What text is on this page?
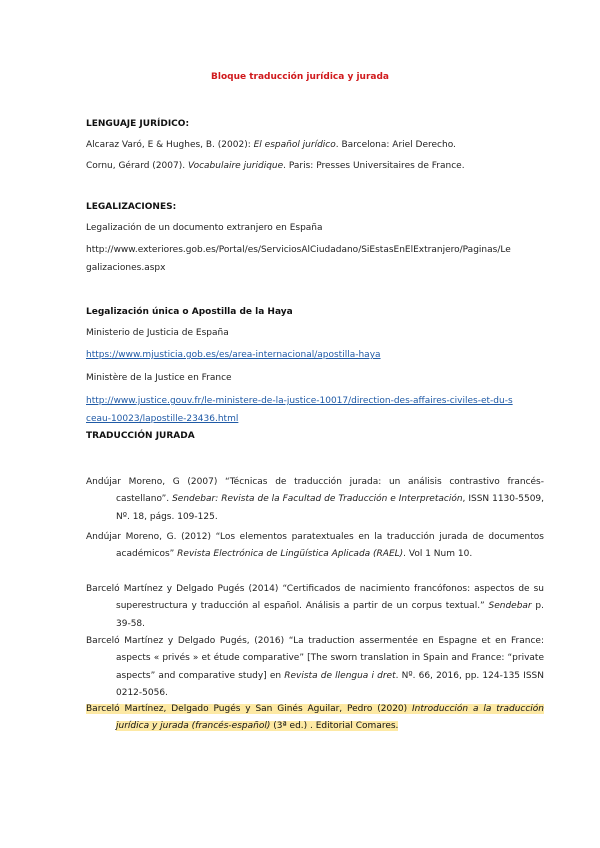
Bloque traducción jurídica y jurada
LENGUAJE JURÍDICO:
Alcaraz Varó, E & Hughes, B. (2002): El español jurídico. Barcelona: Ariel Derecho.
Cornu, Gérard (2007). Vocabulaire juridique. Paris: Presses Universitaires de France.
LEGALIZACIONES:
Legalización de un documento extranjero en España
http://www.exteriores.gob.es/Portal/es/ServiciosAlCiudadano/SiEstasEnElExtranjero/Paginas/Legalizaciones.aspx
Legalización única o Apostilla de la Haya
Ministerio de Justicia de España
https://www.mjusticia.gob.es/es/area-internacional/apostilla-haya
Ministère de la Justice en France
http://www.justice.gouv.fr/le-ministere-de-la-justice-10017/direction-des-affaires-civiles-et-du-sceau-10023/lapostille-23436.html
TRADUCCIÓN JURADA
Andújar Moreno, G (2007) “Técnicas de traducción jurada: un análisis contrastivo francés-castellano”. Sendebar: Revista de la Facultad de Traducción e Interpretación, ISSN 1130-5509, Nº. 18, págs. 109-125.
Andújar Moreno, G. (2012) “Los elementos paratextuales en la traducción jurada de documentos académicos” Revista Electrónica de Lingüística Aplicada (RAEL). Vol 1 Num 10.
Barceló Martínez y Delgado Pugés (2014) “Certificados de nacimiento francófonos: aspectos de su superestructura y traducción al español. Análisis a partir de un corpus textual.” Sendebar p. 39-58.
Barceló Martínez y Delgado Pugés, (2016) “La traduction assermentée en Espagne et en France: aspects « privés » et étude comparative” [The sworn translation in Spain and France: “private aspects” and comparative study] en Revista de llengua i dret. Nº. 66, 2016, pp. 124-135 ISSN 0212-5056.
Barceló Martínez, Delgado Pugés y San Ginés Aguilar, Pedro (2020) Introducción a la traducción jurídica y jurada (francés-español) (3ª ed.) . Editorial Comares.
